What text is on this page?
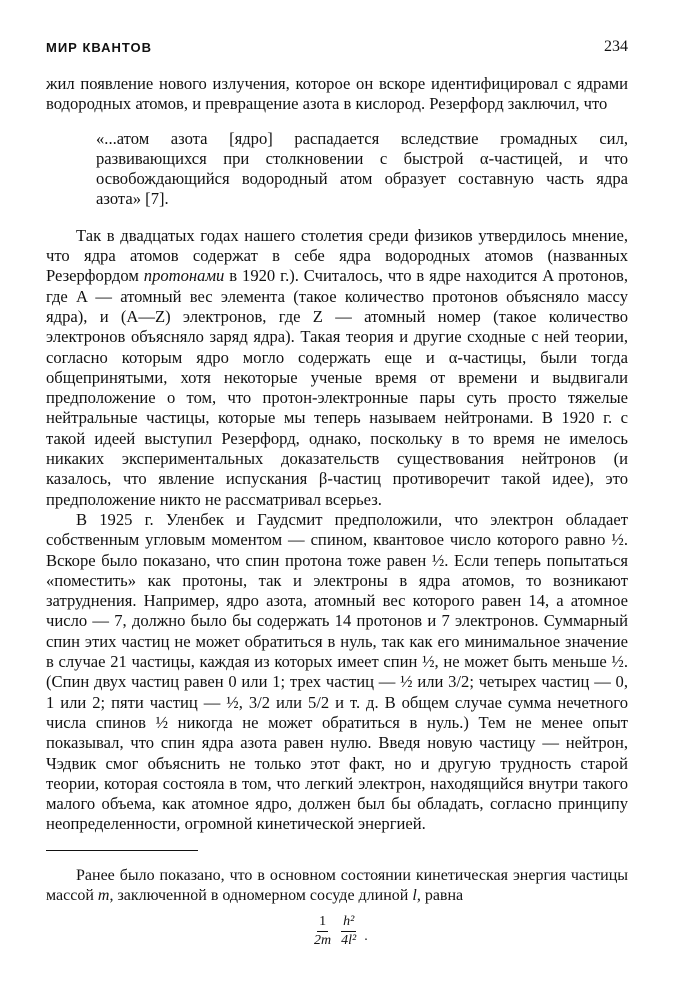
МИР КВАНТОВ	234

жил появление нового излучения, которое он вскоре идентифицировал с ядрами водородных атомов, и превращение азота в кислород. Резерфорд заключил, что

«...атом азота [ядро] распадается вследствие громадных сил, развивающихся при столкновении с быстрой α-частицей, и что освобождающийся водородный атом образует составную часть ядра азота» [7].

Так в двадцатых годах нашего столетия среди физиков утвердилось мнение, что ядра атомов содержат в себе ядра водородных атомов (названных Резерфордом протонами в 1920 г.). Считалось, что в ядре находится A протонов, где A — атомный вес элемента (такое количество протонов объясняло массу ядра), и (A—Z) электронов, где Z — атомный номер (такое количество электронов объясняло заряд ядра). Такая теория и другие сходные с ней теории, согласно которым ядро могло содержать еще и α-частицы, были тогда общепринятыми, хотя некоторые ученые время от времени и выдвигали предположение о том, что протон-электронные пары суть просто тяжелые нейтральные частицы, которые мы теперь называем нейтронами. В 1920 г. с такой идеей выступил Резерфорд, однако, поскольку в то время не имелось никаких экспериментальных доказательств существования нейтронов (и казалось, что явление испускания β-частиц противоречит такой идее), это предположение никто не рассматривал всерьез.

В 1925 г. Уленбек и Гаудсмит предположили, что электрон обладает собственным угловым моментом — спином, квантовое число которого равно ½. Вскоре было показано, что спин протона тоже равен ½. Если теперь попытаться «поместить» как протоны, так и электроны в ядра атомов, то возникают затруднения. Например, ядро азота, атомный вес которого равен 14, а атомное число — 7, должно было бы содержать 14 протонов и 7 электронов. Суммарный спин этих частиц не может обратиться в нуль, так как его минимальное значение в случае 21 частицы, каждая из которых имеет спин ½, не может быть меньше ½. (Спин двух частиц равен 0 или 1; трех частиц — ½ или 3/2; четырех частиц — 0, 1 или 2; пяти частиц — ½, 3/2 или 5/2 и т. д. В общем случае сумма нечетного числа спинов ½ никогда не может обратиться в нуль.) Тем не менее опыт показывал, что спин ядра азота равен нулю. Введя новую частицу — нейтрон, Чэдвик смог объяснить не только этот факт, но и другую трудность старой теории, которая состояла в том, что легкий электрон, находящийся внутри такого малого объема, как атомное ядро, должен был бы обладать, согласно принципу неопределенности, огромной кинетической энергией.

Ранее было показано, что в основном состоянии кинетическая энергия частицы массой m, заключенной в одномерном сосуде длиной l, равна

$\frac{1}{2m} \frac{\text{h²}}{\text{4l²}}$ .
